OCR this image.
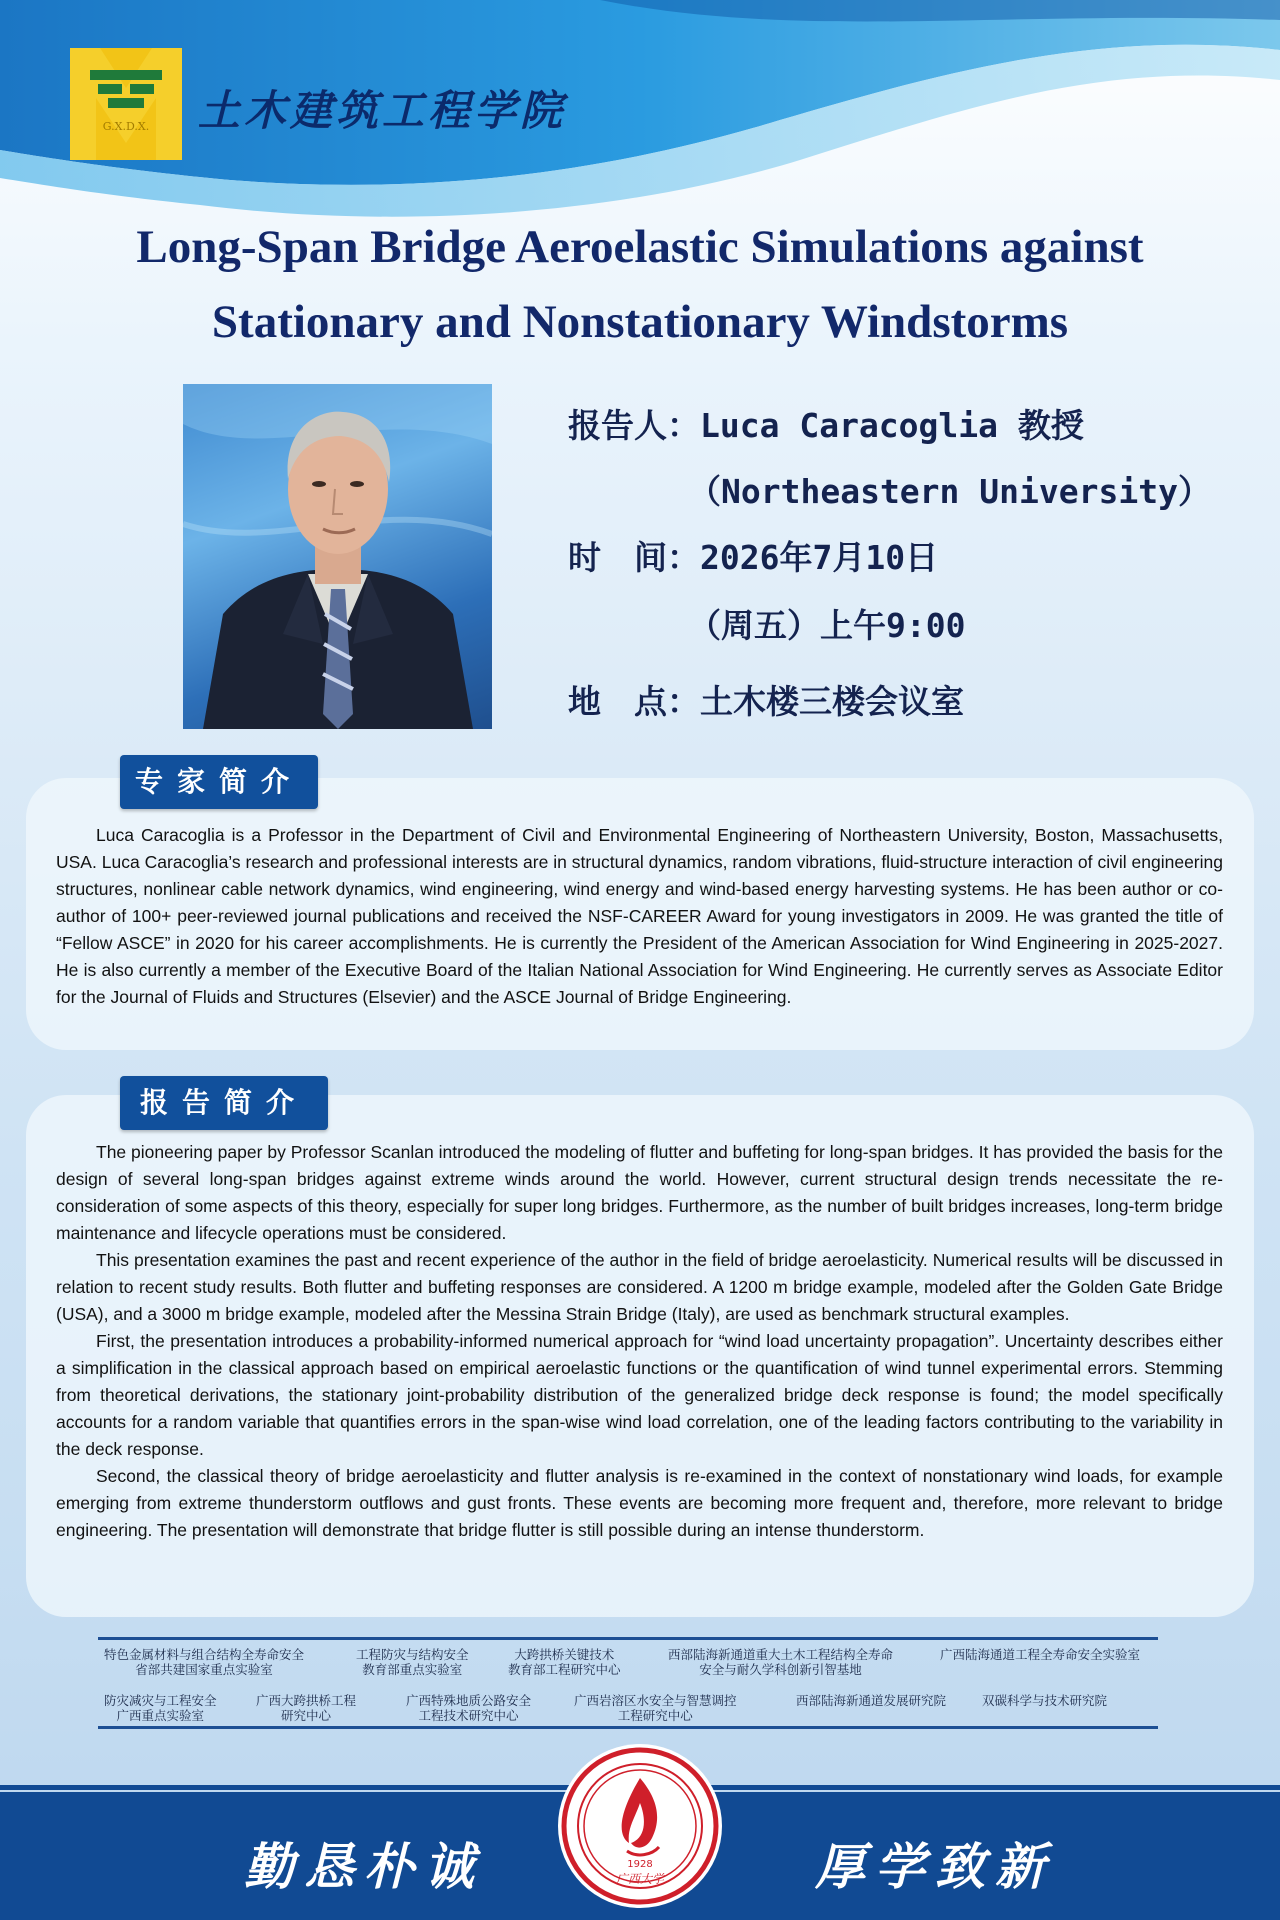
G.X.D.X. 土木建筑工程学院
Long-Span Bridge Aeroelastic Simulations against
Stationary and Nonstationary Windstorms
报告人：Luca Caracoglia 教授
（Northeastern University）
时　间：2026年7月10日
（周五）上午9:00
地　点：土木楼三楼会议室
专家简介

Luca Caracoglia is a Professor in the Department of Civil and Environmental Engineering of Northeastern University, Boston, Massachusetts, USA. Luca Caracoglia’s research and professional interests are in structural dynamics, random vibrations, fluid-structure interaction of civil engineering structures, nonlinear cable network dynamics, wind engineering, wind energy and wind-based energy harvesting systems. He has been author or co-author of 100+ peer-reviewed journal publications and received the NSF-CAREER Award for young investigators in 2009. He was granted the title of “Fellow ASCE” in 2020 for his career accomplishments. He is currently the President of the American Association for Wind Engineering in 2025-2027. He is also currently a member of the Executive Board of the Italian National Association for Wind Engineering. He currently serves as Associate Editor for the Journal of Fluids and Structures (Elsevier) and the ASCE Journal of Bridge Engineering.

报告简介

The pioneering paper by Professor Scanlan introduced the modeling of flutter and buffeting for long-span bridges. It has provided the basis for the design of several long-span bridges against extreme winds around the world. However, current structural design trends necessitate the re-consideration of some aspects of this theory, especially for super long bridges. Furthermore, as the number of built bridges increases, long-term bridge maintenance and lifecycle operations must be considered.

This presentation examines the past and recent experience of the author in the field of bridge aeroelasticity. Numerical results will be discussed in relation to recent study results. Both flutter and buffeting responses are considered. A 1200 m bridge example, modeled after the Golden Gate Bridge (USA), and a 3000 m bridge example, modeled after the Messina Strain Bridge (Italy), are used as benchmark structural examples.

First, the presentation introduces a probability-informed numerical approach for “wind load uncertainty propagation”. Uncertainty describes either a simplification in the classical approach based on empirical aeroelastic functions or the quantification of wind tunnel experimental errors. Stemming from theoretical derivations, the stationary joint-probability distribution of the generalized bridge deck response is found; the model specifically accounts for a random variable that quantifies errors in the span-wise wind load correlation, one of the leading factors contributing to the variability in the deck response.

Second, the classical theory of bridge aeroelasticity and flutter analysis is re-examined in the context of nonstationary wind loads, for example emerging from extreme thunderstorm outflows and gust fronts. These events are becoming more frequent and, therefore, more relevant to bridge engineering. The presentation will demonstrate that bridge flutter is still possible during an intense thunderstorm.

特色金属材料与组合结构全寿命安全
省部共建国家重点实验室
工程防灾与结构安全
教育部重点实验室
大跨拱桥关键技术
教育部工程研究中心
西部陆海新通道重大土木工程结构全寿命
安全与耐久学科创新引智基地
广西陆海通道工程全寿命安全实验室
防灾减灾与工程安全
广西重点实验室
广西大跨拱桥工程
研究中心
广西特殊地质公路安全
工程技术研究中心
广西岩溶区水安全与智慧调控
工程研究中心
西部陆海新通道发展研究院	双碳科学与技术研究院
勤恳朴诚	厚学致新
1928
广西大学
